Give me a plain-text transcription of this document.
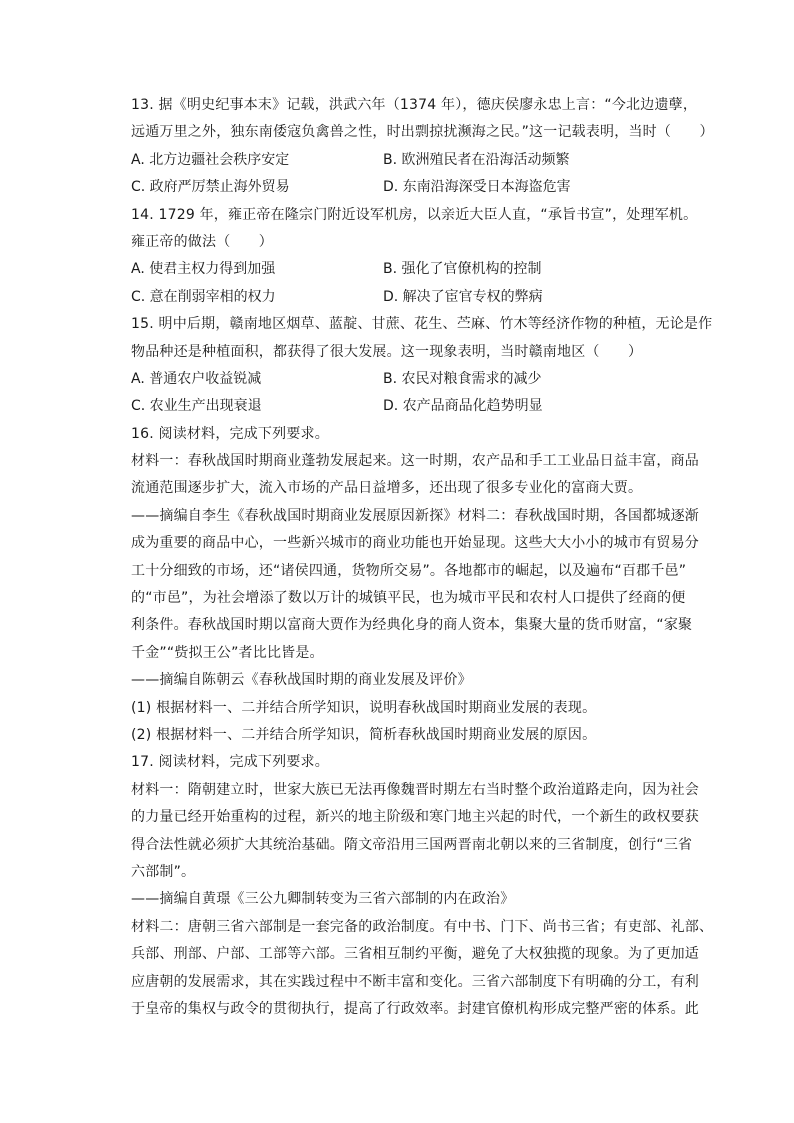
13. 据《明史纪事本末》记载，洪武六年（1374 年），德庆侯廖永忠上言：“今北边遗孽，
远遁万里之外，独东南倭寇负禽兽之性，时出剽掠扰濒海之民。”这一记载表明，当时（　　）
A. 北方边疆社会秩序安定	B. 欧洲殖民者在沿海活动频繁
C. 政府严厉禁止海外贸易	D. 东南沿海深受日本海盗危害
14. 1729 年，雍正帝在隆宗门附近设军机房，以亲近大臣人直，“承旨书宣”，处理军机。
雍正帝的做法（　　）
A. 使君主权力得到加强	B. 强化了官僚机构的控制
C. 意在削弱宰相的权力	D. 解决了宦官专权的弊病
15. 明中后期，赣南地区烟草、蓝靛、甘蔗、花生、苎麻、竹木等经济作物的种植，无论是作
物品种还是种植面积，都获得了很大发展。这一现象表明，当时赣南地区（　　）
A. 普通农户收益锐减	B. 农民对粮食需求的减少
C. 农业生产出现衰退	D. 农产品商品化趋势明显
16. 阅读材料，完成下列要求。
材料一：春秋战国时期商业蓬勃发展起来。这一时期，农产品和手工工业品日益丰富，商品
流通范围逐步扩大，流入市场的产品日益增多，还出现了很多专业化的富商大贾。
——摘编自李生《春秋战国时期商业发展原因新探》材料二：春秋战国时期，各国都城逐渐
成为重要的商品中心，一些新兴城市的商业功能也开始显现。这些大大小小的城市有贸易分
工十分细致的市场，还“诸侯四通，货物所交易”。各地都市的崛起，以及遍布“百郡千邑”
的“市邑”，为社会增添了数以万计的城镇平民，也为城市平民和农村人口提供了经商的便
利条件。春秋战国时期以富商大贾作为经典化身的商人资本，集聚大量的货币财富，“家聚
千金”“赀拟王公”者比比皆是。
——摘编自陈朝云《春秋战国时期的商业发展及评价》
(1) 根据材料一、二并结合所学知识，说明春秋战国时期商业发展的表现。
(2) 根据材料一、二并结合所学知识，简析春秋战国时期商业发展的原因。
17. 阅读材料，完成下列要求。
材料一：隋朝建立时，世家大族已无法再像魏晋时期左右当时整个政治道路走向，因为社会
的力量已经开始重构的过程，新兴的地主阶级和寒门地主兴起的时代，一个新生的政权要获
得合法性就必须扩大其统治基础。隋文帝沿用三国两晋南北朝以来的三省制度，创行“三省
六部制”。
——摘编自黄璟《三公九卿制转变为三省六部制的内在政治》
材料二：唐朝三省六部制是一套完备的政治制度。有中书、门下、尚书三省；有吏部、礼部、
兵部、刑部、户部、工部等六部。三省相互制约平衡，避免了大权独揽的现象。为了更加适
应唐朝的发展需求，其在实践过程中不断丰富和变化。三省六部制度下有明确的分工，有利
于皇帝的集权与政令的贯彻执行，提高了行政效率。封建官僚机构形成完整严密的体系。此
